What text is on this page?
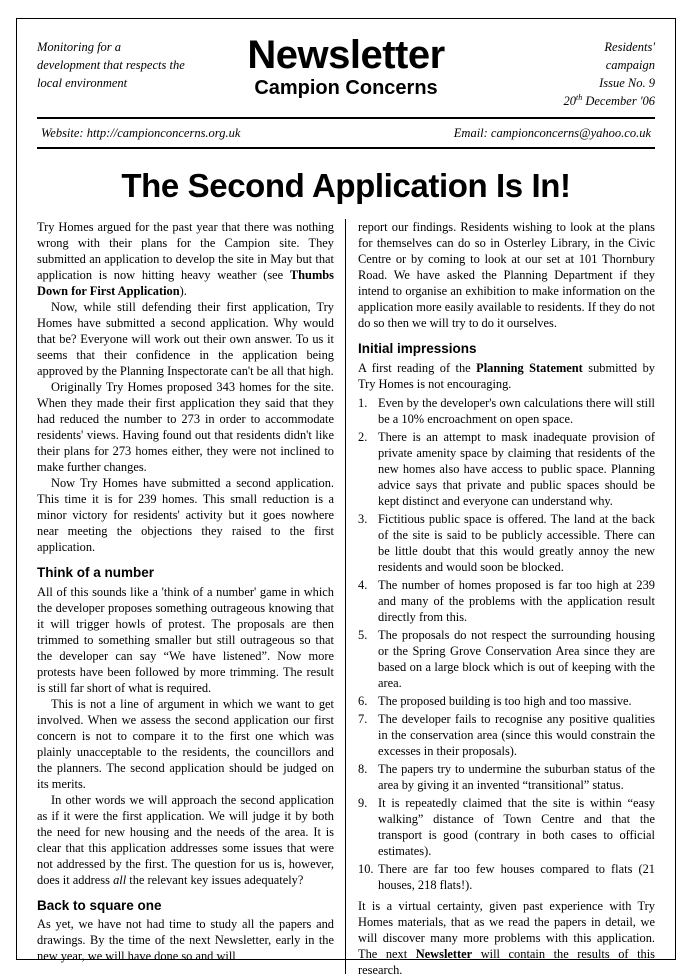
Monitoring for a development that respects the local environment
Newsletter
Campion Concerns
Residents'
campaign
Issue No. 9
20th December '06
Website: http://campionconcerns.org.uk	Email: campionconcerns@yahoo.co.uk
The Second Application Is In!

Try Homes argued for the past year that there was nothing wrong with their plans for the Campion site. They submitted an application to develop the site in May but that application is now hitting heavy weather (see Thumbs Down for First Application).

Now, while still defending their first application, Try Homes have submitted a second application. Why would that be? Everyone will work out their own answer. To us it seems that their confidence in the application being approved by the Planning Inspectorate can't be all that high.

Originally Try Homes proposed 343 homes for the site. When they made their first application they said that they had reduced the number to 273 in order to accommodate residents' views. Having found out that residents didn't like their plans for 273 homes either, they were not inclined to make further changes.

Now Try Homes have submitted a second application. This time it is for 239 homes. This small reduction is a minor victory for residents' activity but it goes nowhere near meeting the objections they raised to the first application.

Think of a number

All of this sounds like a 'think of a number' game in which the developer proposes something outrageous knowing that it will trigger howls of protest. The proposals are then trimmed to something smaller but still outrageous so that the developer can say “We have listened”. Now more protests have been followed by more trimming. The result is still far short of what is required.

This is not a line of argument in which we want to get involved. When we assess the second application our first concern is not to compare it to the first one which was plainly unacceptable to the residents, the councillors and the planners. The second application should be judged on its merits.

In other words we will approach the second application as if it were the first application. We will judge it by both the need for new housing and the needs of the area. It is clear that this application addresses some issues that were not addressed by the first. The question for us is, however, does it address all the relevant key issues adequately?

Back to square one

As yet, we have not had time to study all the papers and drawings. By the time of the next Newsletter, early in the new year, we will have done so and will

report our findings. Residents wishing to look at the plans for themselves can do so in Osterley Library, in the Civic Centre or by coming to look at our set at 101 Thornbury Road. We have asked the Planning Department if they intend to organise an exhibition to make information on the application more easily available to residents. If they do not do so then we will try to do it ourselves.

Initial impressions

A first reading of the Planning Statement submitted by Try Homes is not encouraging.

1. Even by the developer's own calculations there will still be a 10% encroachment on open space.
2. There is an attempt to mask inadequate provision of private amenity space by claiming that residents of the new homes also have access to public space. Planning advice says that private and public spaces should be kept distinct and everyone can understand why.
3. Fictitious public space is offered. The land at the back of the site is said to be publicly accessible. There can be little doubt that this would greatly annoy the new residents and would soon be blocked.
4. The number of homes proposed is far too high at 239 and many of the problems with the application result directly from this.
5. The proposals do not respect the surrounding housing or the Spring Grove Conservation Area since they are based on a large block which is out of keeping with the area.
6. The proposed building is too high and too massive.
7. The developer fails to recognise any positive qualities in the conservation area (since this would constrain the excesses in their proposals).
8. The papers try to undermine the suburban status of the area by giving it an invented “transitional” status.
9. It is repeatedly claimed that the site is within “easy walking” distance of Town Centre and that the transport is good (contrary in both cases to official estimates).
10. There are far too few houses compared to flats (21 houses, 218 flats!).

It is a virtual certainty, given past experience with Try Homes materials, that as we read the papers in detail, we will discover many more problems with this application. The next Newsletter will contain the results of this research.
